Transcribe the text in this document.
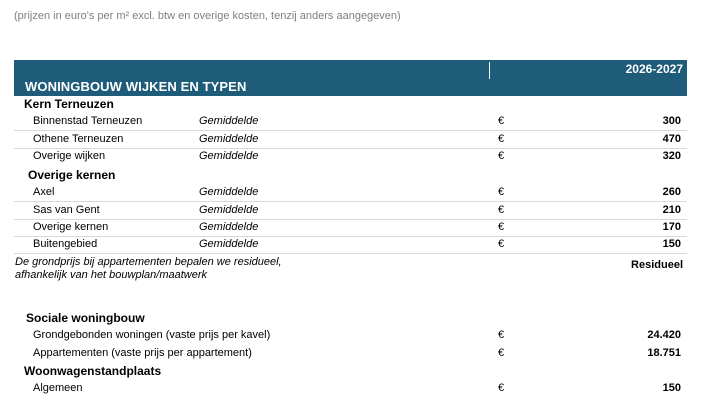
(prijzen in euro's per m² excl. btw en overige kosten, tenzij anders aangegeven)
WONINGBOUW WIJKEN EN TYPEN
2026-2027
Kern Terneuzen
Binnenstad Terneuzen	Gemiddelde	€	300
Othene Terneuzen	Gemiddelde	€	470
Overige wijken	Gemiddelde	€	320
Overige kernen
Axel	Gemiddelde	€	260
Sas van Gent	Gemiddelde	€	210
Overige kernen	Gemiddelde	€	170
Buitengebied	Gemiddelde	€	150
De grondprijs bij appartementen bepalen we residueel,
afhankelijk van het bouwplan/maatwerk
Residueel
Sociale woningbouw
Grondgebonden woningen (vaste prijs per kavel)	€	24.420
Appartementen (vaste prijs per appartement)	€	18.751
Woonwagenstandplaats
Algemeen	€	150
